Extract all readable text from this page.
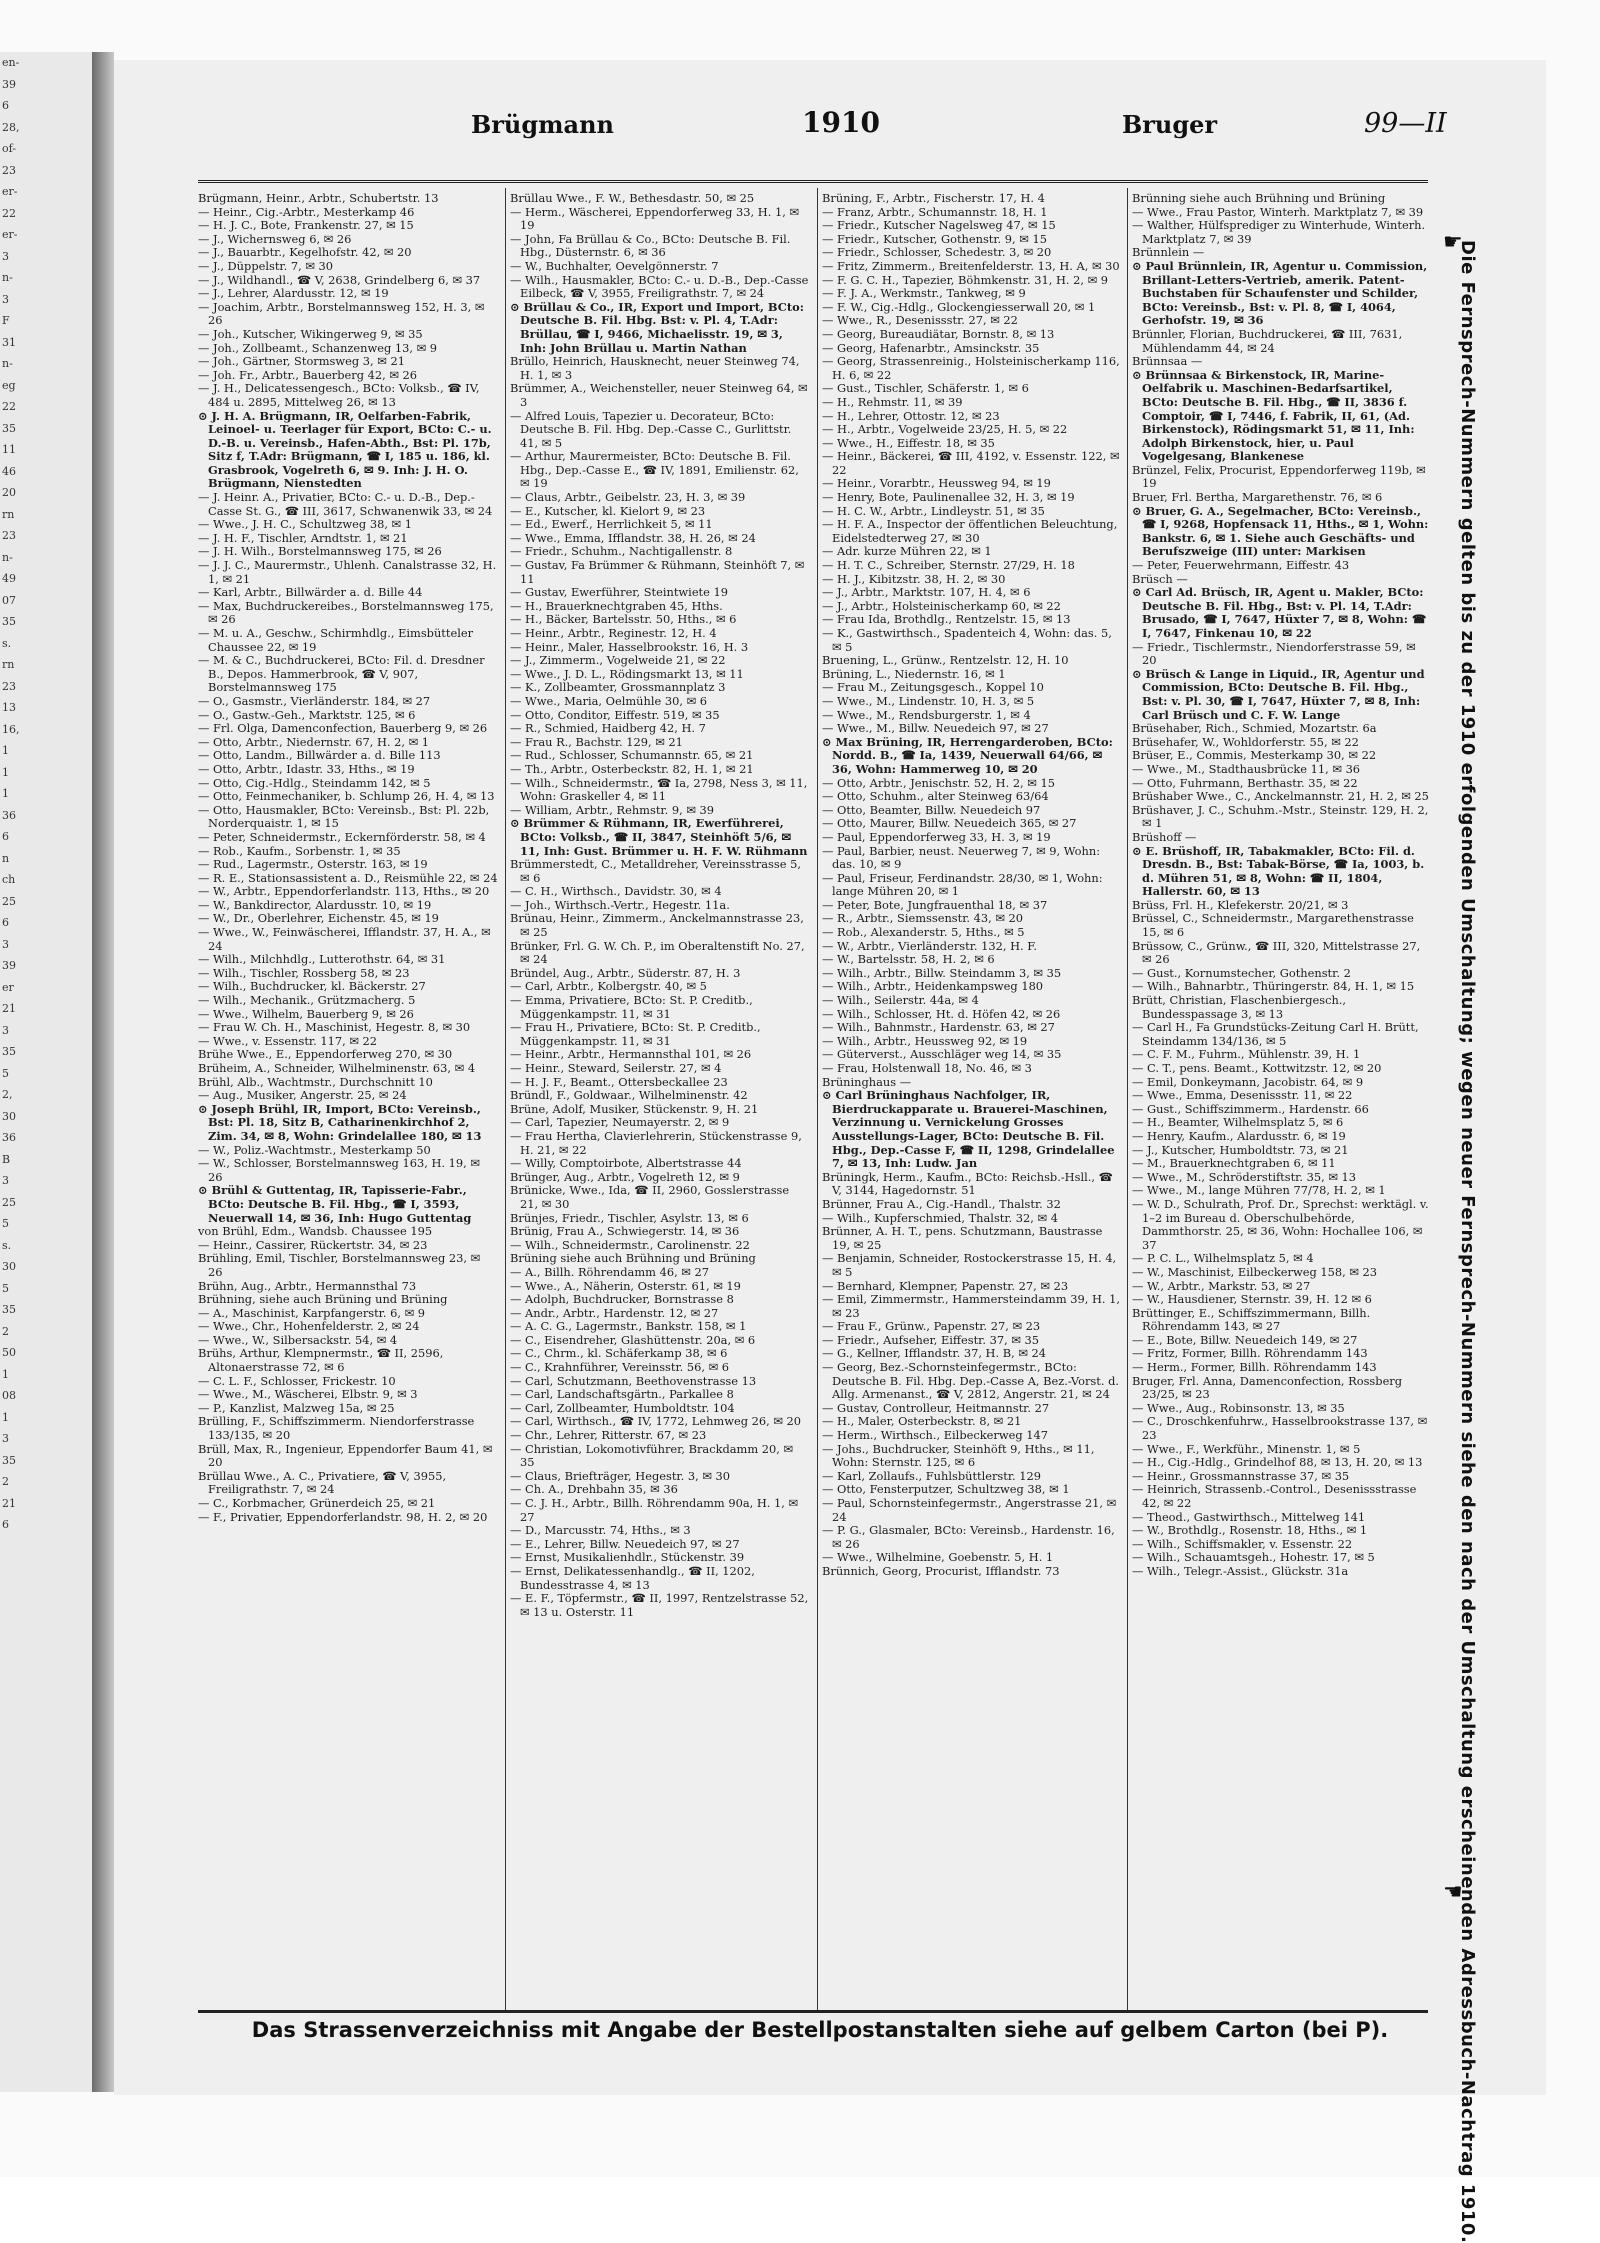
en-
39
6
28,
of-
23
er-
22
er-
3
n-
3
F
31
n-
eg
22
35
11
46
20
rn
23
n-
49
07
35
s.
rn
23
13
16,
1
1
1
36
6
n
ch
25
6
3
39
er
21
3
35
5
2,
30
36
B
3
25
5
s.
30
5
35
2
50
1
08
1
3
35
2
21
6
Brügmann	1910	Bruger	99—II

Brügmann, Heinr., Arbtr., Schubertstr. 13

— Heinr., Cig.-Arbtr., Mesterkamp 46

— H. J. C., Bote, Frankenstr. 27, ✉ 15

— J., Wichernsweg 6, ✉ 26

— J., Bauarbtr., Kegelhofstr. 42, ✉ 20

— J., Düppelstr. 7, ✉ 30

— J., Wildhandl., ☎ V, 2638, Grindelberg 6, ✉ 37

— J., Lehrer, Alardusstr. 12, ✉ 19

— Joachim, Arbtr., Borstelmannsweg 152, H. 3, ✉ 26

— Joh., Kutscher, Wikingerweg 9, ✉ 35

— Joh., Zollbeamt., Schanzenweg 13, ✉ 9

— Joh., Gärtner, Stormsweg 3, ✉ 21

— Joh. Fr., Arbtr., Bauerberg 42, ✉ 26

— J. H., Delicatessengesch., BCto: Volksb., ☎ IV, 484 u. 2895, Mittelweg 26, ✉ 13

⊙ J. H. A. Brügmann, IR, Oelfarben-Fabrik, Leinoel- u. Teerlager für Export, BCto: C.- u. D.-B. u. Vereinsb., Hafen-Abth., Bst: Pl. 17b, Sitz f, T.Adr: Brügmann, ☎ I, 185 u. 186, kl. Grasbrook, Vogelreth 6, ✉ 9. Inh: J. H. O. Brügmann, Nienstedten

— J. Heinr. A., Privatier, BCto: C.- u. D.-B., Dep.-Casse St. G., ☎ III, 3617, Schwanenwik 33, ✉ 24

— Wwe., J. H. C., Schultzweg 38, ✉ 1

— J. H. F., Tischler, Arndtstr. 1, ✉ 21

— J. H. Wilh., Borstelmannsweg 175, ✉ 26

— J. J. C., Maurermstr., Uhlenh. Canalstrasse 32, H. 1, ✉ 21

— Karl, Arbtr., Billwärder a. d. Bille 44

— Max, Buchdruckereibes., Borstelmannsweg 175, ✉ 26

— M. u. A., Geschw., Schirmhdlg., Eimsbütteler Chaussee 22, ✉ 19

— M. & C., Buchdruckerei, BCto: Fil. d. Dresdner B., Depos. Hammerbrook, ☎ V, 907, Borstelmannsweg 175

— O., Gasmstr., Vierländerstr. 184, ✉ 27

— O., Gastw.-Geh., Marktstr. 125, ✉ 6

— Frl. Olga, Damenconfection, Bauerberg 9, ✉ 26

— Otto, Arbtr., Niedernstr. 67, H. 2, ✉ 1

— Otto, Landm., Billwärder a. d. Bille 113

— Otto, Arbtr., Idastr. 33, Hths., ✉ 19

— Otto, Cig.-Hdlg., Steindamm 142, ✉ 5

— Otto, Feinmechaniker, b. Schlump 26, H. 4, ✉ 13

— Otto, Hausmakler, BCto: Vereinsb., Bst: Pl. 22b, Norderquaistr. 1, ✉ 15

— Peter, Schneidermstr., Eckernförderstr. 58, ✉ 4

— Rob., Kaufm., Sorbenstr. 1, ✉ 35

— Rud., Lagermstr., Osterstr. 163, ✉ 19

— R. E., Stationsassistent a. D., Reismühle 22, ✉ 24

— W., Arbtr., Eppendorferlandstr. 113, Hths., ✉ 20

— W., Bankdirector, Alardusstr. 10, ✉ 19

— W., Dr., Oberlehrer, Eichenstr. 45, ✉ 19

— Wwe., W., Feinwäscherei, Ifflandstr. 37, H. A., ✉ 24

— Wilh., Milchhdlg., Lutterothstr. 64, ✉ 31

— Wilh., Tischler, Rossberg 58, ✉ 23

— Wilh., Buchdrucker, kl. Bäckerstr. 27

— Wilh., Mechanik., Grützmacherg. 5

— Wwe., Wilhelm, Bauerberg 9, ✉ 26

— Frau W. Ch. H., Maschinist, Hegestr. 8, ✉ 30

— Wwe., v. Essenstr. 117, ✉ 22

Brühe Wwe., E., Eppendorferweg 270, ✉ 30

Brüheim, A., Schneider, Wilhelminenstr. 63, ✉ 4

Brühl, Alb., Wachtmstr., Durchschnitt 10

— Aug., Musiker, Angerstr. 25, ✉ 24

⊙ Joseph Brühl, IR, Import, BCto: Vereinsb., Bst: Pl. 18, Sitz B, Catharinenkirchhof 2, Zim. 34, ✉ 8, Wohn: Grindelallee 180, ✉ 13

— W., Poliz.-Wachtmstr., Mesterkamp 50

— W., Schlosser, Borstelmannsweg 163, H. 19, ✉ 26

⊙ Brühl & Guttentag, IR, Tapisserie-Fabr., BCto: Deutsche B. Fil. Hbg., ☎ I, 3593, Neuerwall 14, ✉ 36, Inh: Hugo Guttentag

von Brühl, Edm., Wandsb. Chaussee 195

— Heinr., Cassirer, Rückertstr. 34, ✉ 23

Brühling, Emil, Tischler, Borstelmannsweg 23, ✉ 26

Brühn, Aug., Arbtr., Hermannsthal 73

Brühning, siehe auch Brüning und Brüning

— A., Maschinist, Karpfangerstr. 6, ✉ 9

— Wwe., Chr., Hohenfelderstr. 2, ✉ 24

— Wwe., W., Silbersackstr. 54, ✉ 4

Brühs, Arthur, Klempnermstr., ☎ II, 2596, Altonaerstrasse 72, ✉ 6

— C. L. F., Schlosser, Frickestr. 10

— Wwe., M., Wäscherei, Elbstr. 9, ✉ 3

— P., Kanzlist, Malzweg 15a, ✉ 25

Brülling, F., Schiffszimmerm. Niendorferstrasse 133/135, ✉ 20

Brüll, Max, R., Ingenieur, Eppendorfer Baum 41, ✉ 20

Brüllau Wwe., A. C., Privatiere, ☎ V, 3955, Freiligrathstr. 7, ✉ 24

— C., Korbmacher, Grünerdeich 25, ✉ 21

— F., Privatier, Eppendorferlandstr. 98, H. 2, ✉ 20

Brüllau Wwe., F. W., Bethesdastr. 50, ✉ 25

— Herm., Wäscherei, Eppendorferweg 33, H. 1, ✉ 19

— John, Fa Brüllau & Co., BCto: Deutsche B. Fil. Hbg., Düsternstr. 6, ✉ 36

— W., Buchhalter, Oevelgönnerstr. 7

— Wilh., Hausmakler, BCto: C.- u. D.-B., Dep.-Casse Eilbeck, ☎ V, 3955, Freiligrathstr. 7, ✉ 24

⊙ Brüllau & Co., IR, Export und Import, BCto: Deutsche B. Fil. Hbg. Bst: v. Pl. 4, T.Adr: Brüllau, ☎ I, 9466, Michaelisstr. 19, ✉ 3, Inh: John Brüllau u. Martin Nathan

Brüllo, Heinrich, Hausknecht, neuer Steinweg 74, H. 1, ✉ 3

Brümmer, A., Weichensteller, neuer Steinweg 64, ✉ 3

— Alfred Louis, Tapezier u. Decorateur, BCto: Deutsche B. Fil. Hbg. Dep.-Casse C., Gurlittstr. 41, ✉ 5

— Arthur, Maurermeister, BCto: Deutsche B. Fil. Hbg., Dep.-Casse E., ☎ IV, 1891, Emilienstr. 62, ✉ 19

— Claus, Arbtr., Geibelstr. 23, H. 3, ✉ 39

— E., Kutscher, kl. Kielort 9, ✉ 23

— Ed., Ewerf., Herrlichkeit 5, ✉ 11

— Wwe., Emma, Ifflandstr. 38, H. 26, ✉ 24

— Friedr., Schuhm., Nachtigallenstr. 8

— Gustav, Fa Brümmer & Rühmann, Steinhöft 7, ✉ 11

— Gustav, Ewerführer, Steintwiete 19

— H., Brauerknechtgraben 45, Hths.

— H., Bäcker, Bartelsstr. 50, Hths., ✉ 6

— Heinr., Arbtr., Reginestr. 12, H. 4

— Heinr., Maler, Hasselbrookstr. 16, H. 3

— J., Zimmerm., Vogelweide 21, ✉ 22

— Wwe., J. D. L., Rödingsmarkt 13, ✉ 11

— K., Zollbeamter, Grossmannplatz 3

— Wwe., Maria, Oelmühle 30, ✉ 6

— Otto, Conditor, Eiffestr. 519, ✉ 35

— R., Schmied, Haidberg 42, H. 7

— Frau R., Bachstr. 129, ✉ 21

— Rud., Schlosser, Schumannstr. 65, ✉ 21

— Th., Arbtr., Osterbeckstr. 82, H. 1, ✉ 21

— Wilh., Schneidermstr., ☎ Ia, 2798, Ness 3, ✉ 11, Wohn: Graskeller 4, ✉ 11

— William, Arbtr., Rehmstr. 9, ✉ 39

⊙ Brümmer & Rühmann, IR, Ewerführerei, BCto: Volksb., ☎ II, 3847, Steinhöft 5/6, ✉ 11, Inh: Gust. Brümmer u. H. F. W. Rühmann

Brümmerstedt, C., Metalldreher, Vereinsstrasse 5, ✉ 6

— C. H., Wirthsch., Davidstr. 30, ✉ 4

— Joh., Wirthsch.-Vertr., Hegestr. 11a.

Brünau, Heinr., Zimmerm., Anckelmannstrasse 23, ✉ 25

Brünker, Frl. G. W. Ch. P., im Oberaltenstift No. 27, ✉ 24

Bründel, Aug., Arbtr., Süderstr. 87, H. 3

— Carl, Arbtr., Kolbergstr. 40, ✉ 5

— Emma, Privatiere, BCto: St. P. Creditb., Müggenkampstr. 11, ✉ 31

— Frau H., Privatiere, BCto: St. P. Creditb., Müggenkampstr. 11, ✉ 31

— Heinr., Arbtr., Hermannsthal 101, ✉ 26

— Heinr., Steward, Seilerstr. 27, ✉ 4

— H. J. F., Beamt., Ottersbeckallee 23

Bründl, F., Goldwaar., Wilhelminenstr. 42

Brüne, Adolf, Musiker, Stückenstr. 9, H. 21

— Carl, Tapezier, Neumayerstr. 2, ✉ 9

— Frau Hertha, Clavierlehrerin, Stückenstrasse 9, H. 21, ✉ 22

— Willy, Comptoirbote, Albertstrasse 44

Brünger, Aug., Arbtr., Vogelreth 12, ✉ 9

Brünicke, Wwe., Ida, ☎ II, 2960, Gosslerstrasse 21, ✉ 30

Brünjes, Friedr., Tischler, Asylstr. 13, ✉ 6

Brünig, Frau A., Schwiegerstr. 14, ✉ 36

— Wilh., Schneidermstr., Carolinenstr. 22

Brüning siehe auch Brühning und Brüning

— A., Billh. Röhrendamm 46, ✉ 27

— Wwe., A., Näherin, Osterstr. 61, ✉ 19

— Adolph, Buchdrucker, Bornstrasse 8

— Andr., Arbtr., Hardenstr. 12, ✉ 27

— A. C. G., Lagermstr., Bankstr. 158, ✉ 1

— C., Eisendreher, Glashüttenstr. 20a, ✉ 6

— C., Chrm., kl. Schäferkamp 38, ✉ 6

— C., Krahnführer, Vereinsstr. 56, ✉ 6

— Carl, Schutzmann, Beethovenstrasse 13

— Carl, Landschaftsgärtn., Parkallee 8

— Carl, Zollbeamter, Humboldtstr. 104

— Carl, Wirthsch., ☎ IV, 1772, Lehmweg 26, ✉ 20

— Chr., Lehrer, Ritterstr. 67, ✉ 23

— Christian, Lokomotivführer, Brackdamm 20, ✉ 35

— Claus, Briefträger, Hegestr. 3, ✉ 30

— Ch. A., Drehbahn 35, ✉ 36

— C. J. H., Arbtr., Billh. Röhrendamm 90a, H. 1, ✉ 27

— D., Marcusstr. 74, Hths., ✉ 3

— E., Lehrer, Billw. Neuedeich 97, ✉ 27

— Ernst, Musikalienhdlr., Stückenstr. 39

— Ernst, Delikatessenhandlg., ☎ II, 1202, Bundesstrasse 4, ✉ 13

— E. F., Töpfermstr., ☎ II, 1997, Rentzelstrasse 52, ✉ 13 u. Osterstr. 11

Brüning, F., Arbtr., Fischerstr. 17, H. 4

— Franz, Arbtr., Schumannstr. 18, H. 1

— Friedr., Kutscher Nagelsweg 47, ✉ 15

— Friedr., Kutscher, Gothenstr. 9, ✉ 15

— Friedr., Schlosser, Schedestr. 3, ✉ 20

— Fritz, Zimmerm., Breitenfelderstr. 13, H. A, ✉ 30

— F. G. C. H., Tapezier, Böhmkenstr. 31, H. 2, ✉ 9

— F. J. A., Werkmstr., Tankweg, ✉ 9

— F. W., Cig.-Hdlg., Glockengiesserwall 20, ✉ 1

— Wwe., R., Desenissstr. 27, ✉ 22

— Georg, Bureaudiätar, Bornstr. 8, ✉ 13

— Georg, Hafenarbtr., Amsinckstr. 35

— Georg, Strassenreinig., Holsteinischerkamp 116, H. 6, ✉ 22

— Gust., Tischler, Schäferstr. 1, ✉ 6

— H., Rehmstr. 11, ✉ 39

— H., Lehrer, Ottostr. 12, ✉ 23

— H., Arbtr., Vogelweide 23/25, H. 5, ✉ 22

— Wwe., H., Eiffestr. 18, ✉ 35

— Heinr., Bäckerei, ☎ III, 4192, v. Essenstr. 122, ✉ 22

— Heinr., Vorarbtr., Heussweg 94, ✉ 19

— Henry, Bote, Paulinenallee 32, H. 3, ✉ 19

— H. C. W., Arbtr., Lindleystr. 51, ✉ 35

— H. F. A., Inspector der öffentlichen Beleuchtung, Eidelstedterweg 27, ✉ 30

— Adr. kurze Mühren 22, ✉ 1

— H. T. C., Schreiber, Sternstr. 27/29, H. 18

— H. J., Kibitzstr. 38, H. 2, ✉ 30

— J., Arbtr., Marktstr. 107, H. 4, ✉ 6

— J., Arbtr., Holsteinischerkamp 60, ✉ 22

— Frau Ida, Brothdlg., Rentzelstr. 15, ✉ 13

— K., Gastwirthsch., Spadenteich 4, Wohn: das. 5, ✉ 5

Bruening, L., Grünw., Rentzelstr. 12, H. 10

Brüning, L., Niedernstr. 16, ✉ 1

— Frau M., Zeitungsgesch., Koppel 10

— Wwe., M., Lindenstr. 10, H. 3, ✉ 5

— Wwe., M., Rendsburgerstr. 1, ✉ 4

— Wwe., M., Billw. Neuedeich 97, ✉ 27

⊙ Max Brüning, IR, Herrengarderoben, BCto: Nordd. B., ☎ Ia, 1439, Neuerwall 64/66, ✉ 36, Wohn: Hammerweg 10, ✉ 20

— Otto, Arbtr., Jenischstr. 52, H. 2, ✉ 15

— Otto, Schuhm., alter Steinweg 63/64

— Otto, Beamter, Billw. Neuedeich 97

— Otto, Maurer, Billw. Neuedeich 365, ✉ 27

— Paul, Eppendorferweg 33, H. 3, ✉ 19

— Paul, Barbier, neust. Neuerweg 7, ✉ 9, Wohn: das. 10, ✉ 9

— Paul, Friseur, Ferdinandstr. 28/30, ✉ 1, Wohn: lange Mühren 20, ✉ 1

— Peter, Bote, Jungfrauenthal 18, ✉ 37

— R., Arbtr., Siemssenstr. 43, ✉ 20

— Rob., Alexanderstr. 5, Hths., ✉ 5

— W., Arbtr., Vierländerstr. 132, H. F.

— W., Bartelsstr. 58, H. 2, ✉ 6

— Wilh., Arbtr., Billw. Steindamm 3, ✉ 35

— Wilh., Arbtr., Heidenkampsweg 180

— Wilh., Seilerstr. 44a, ✉ 4

— Wilh., Schlosser, Ht. d. Höfen 42, ✉ 26

— Wilh., Bahnmstr., Hardenstr. 63, ✉ 27

— Wilh., Arbtr., Heussweg 92, ✉ 19

— Güterverst., Ausschläger weg 14, ✉ 35

— Frau, Holstenwall 18, No. 46, ✉ 3

Brüninghaus —

⊙ Carl Brüninghaus Nachfolger, IR, Bierdruckapparate u. Brauerei-Maschinen, Verzinnung u. Vernickelung Grosses Ausstellungs-Lager, BCto: Deutsche B. Fil. Hbg., Dep.-Casse F, ☎ II, 1298, Grindelallee 7, ✉ 13, Inh: Ludw. Jan

Brüningk, Herm., Kaufm., BCto: Reichsb.-Hsll., ☎ V, 3144, Hagedornstr. 51

Brünner, Frau A., Cig.-Handl., Thalstr. 32

— Wilh., Kupferschmied, Thalstr. 32, ✉ 4

Brünner, A. H. T., pens. Schutzmann, Baustrasse 19, ✉ 25

— Benjamin, Schneider, Rostockerstrasse 15, H. 4, ✉ 5

— Bernhard, Klempner, Papenstr. 27, ✉ 23

— Emil, Zimmermstr., Hammersteindamm 39, H. 1, ✉ 23

— Frau F., Grünw., Papenstr. 27, ✉ 23

— Friedr., Aufseher, Eiffestr. 37, ✉ 35

— G., Kellner, Ifflandstr. 37, H. B, ✉ 24

— Georg, Bez.-Schornsteinfegermstr., BCto: Deutsche B. Fil. Hbg. Dep.-Casse A, Bez.-Vorst. d. Allg. Armenanst., ☎ V, 2812, Angerstr. 21, ✉ 24

— Gustav, Controlleur, Heitmannstr. 27

— H., Maler, Osterbeckstr. 8, ✉ 21

— Herm., Wirthsch., Eilbeckerweg 147

— Johs., Buchdrucker, Steinhöft 9, Hths., ✉ 11, Wohn: Sternstr. 125, ✉ 6

— Karl, Zollaufs., Fuhlsbüttlerstr. 129

— Otto, Fensterputzer, Schultzweg 38, ✉ 1

— Paul, Schornsteinfegermstr., Angerstrasse 21, ✉ 24

— P. G., Glasmaler, BCto: Vereinsb., Hardenstr. 16, ✉ 26

— Wwe., Wilhelmine, Goebenstr. 5, H. 1

Brünnich, Georg, Procurist, Ifflandstr. 73

Brünning siehe auch Brühning und Brüning

— Wwe., Frau Pastor, Winterh. Marktplatz 7, ✉ 39

— Walther, Hülfsprediger zu Winterhude, Winterh. Marktplatz 7, ✉ 39

Brünnlein —

⊙ Paul Brünnlein, IR, Agentur u. Commission, Brillant-Letters-Vertrieb, amerik. Patent-Buchstaben für Schaufenster und Schilder, BCto: Vereinsb., Bst: v. Pl. 8, ☎ I, 4064, Gerhofstr. 19, ✉ 36

Brünnler, Florian, Buchdruckerei, ☎ III, 7631, Mühlendamm 44, ✉ 24

Brünnsaa —

⊙ Brünnsaa & Birkenstock, IR, Marine-Oelfabrik u. Maschinen-Bedarfsartikel, BCto: Deutsche B. Fil. Hbg., ☎ II, 3836 f. Comptoir, ☎ I, 7446, f. Fabrik, II, 61, (Ad. Birkenstock), Rödingsmarkt 51, ✉ 11, Inh: Adolph Birkenstock, hier, u. Paul Vogelgesang, Blankenese

Brünzel, Felix, Procurist, Eppendorferweg 119b, ✉ 19

Bruer, Frl. Bertha, Margarethenstr. 76, ✉ 6

⊙ Bruer, G. A., Segelmacher, BCto: Vereinsb., ☎ I, 9268, Hopfensack 11, Hths., ✉ 1, Wohn: Bankstr. 6, ✉ 1. Siehe auch Geschäfts- und Berufszweige (III) unter: Markisen

— Peter, Feuerwehrmann, Eiffestr. 43

Brüsch —

⊙ Carl Ad. Brüsch, IR, Agent u. Makler, BCto: Deutsche B. Fil. Hbg., Bst: v. Pl. 14, T.Adr: Brusado, ☎ I, 7647, Hüxter 7, ✉ 8, Wohn: ☎ I, 7647, Finkenau 10, ✉ 22

— Friedr., Tischlermstr., Niendorferstrasse 59, ✉ 20

⊙ Brüsch & Lange in Liquid., IR, Agentur und Commission, BCto: Deutsche B. Fil. Hbg., Bst: v. Pl. 30, ☎ I, 7647, Hüxter 7, ✉ 8, Inh: Carl Brüsch und C. F. W. Lange

Brüsehaber, Rich., Schmied, Mozartstr. 6a

Brüsehafer, W., Wohldorferstr. 55, ✉ 22

Brüser, E., Commis, Mesterkamp 30, ✉ 22

— Wwe., M., Stadthausbrücke 11, ✉ 36

— Otto, Fuhrmann, Berthastr. 35, ✉ 22

Brüshaber Wwe., C., Anckelmannstr. 21, H. 2, ✉ 25

Brüshaver, J. C., Schuhm.-Mstr., Steinstr. 129, H. 2, ✉ 1

Brüshoff —

⊙ E. Brüshoff, IR, Tabakmakler, BCto: Fil. d. Dresdn. B., Bst: Tabak-Börse, ☎ Ia, 1003, b. d. Mühren 51, ✉ 8, Wohn: ☎ II, 1804, Hallerstr. 60, ✉ 13

Brüss, Frl. H., Klefekerstr. 20/21, ✉ 3

Brüssel, C., Schneidermstr., Margarethenstrasse 15, ✉ 6

Brüssow, C., Grünw., ☎ III, 320, Mittelstrasse 27, ✉ 26

— Gust., Kornumstecher, Gothenstr. 2

— Wilh., Bahnarbtr., Thüringerstr. 84, H. 1, ✉ 15

Brütt, Christian, Flaschenbiergesch., Bundesspassage 3, ✉ 13

— Carl H., Fa Grundstücks-Zeitung Carl H. Brütt, Steindamm 134/136, ✉ 5

— C. F. M., Fuhrm., Mühlenstr. 39, H. 1

— C. T., pens. Beamt., Kottwitzstr. 12, ✉ 20

— Emil, Donkeymann, Jacobistr. 64, ✉ 9

— Wwe., Emma, Desenissstr. 11, ✉ 22

— Gust., Schiffszimmerm., Hardenstr. 66

— H., Beamter, Wilhelmsplatz 5, ✉ 6

— Henry, Kaufm., Alardusstr. 6, ✉ 19

— J., Kutscher, Humboldtstr. 73, ✉ 21

— M., Brauerknechtgraben 6, ✉ 11

— Wwe., M., Schröderstiftstr. 35, ✉ 13

— Wwe., M., lange Mühren 77/78, H. 2, ✉ 1

— W. D., Schulrath, Prof. Dr., Sprechst: werktägl. v. 1–2 im Bureau d. Oberschulbehörde, Dammthorstr. 25, ✉ 36, Wohn: Hochallee 106, ✉ 37

— P. C. L., Wilhelmsplatz 5, ✉ 4

— W., Maschinist, Eilbeckerweg 158, ✉ 23

— W., Arbtr., Markstr. 53, ✉ 27

— W., Hausdiener, Sternstr. 39, H. 12 ✉ 6

Brüttinger, E., Schiffszimmermann, Billh. Röhrendamm 143, ✉ 27

— E., Bote, Billw. Neuedeich 149, ✉ 27

— Fritz, Former, Billh. Röhrendamm 143

— Herm., Former, Billh. Röhrendamm 143

Bruger, Frl. Anna, Damenconfection, Rossberg 23/25, ✉ 23

— Wwe., Aug., Robinsonstr. 13, ✉ 35

— C., Droschkenfuhrw., Hasselbrookstrasse 137, ✉ 23

— Wwe., F., Werkführ., Minenstr. 1, ✉ 5

— H., Cig.-Hdlg., Grindelhof 88, ✉ 13, H. 20, ✉ 13

— Heinr., Grossmannstrasse 37, ✉ 35

— Heinrich, Strassenb.-Control., Desenissstrasse 42, ✉ 22

— Theod., Gastwirthsch., Mittelweg 141

— W., Brothdlg., Rosenstr. 18, Hths., ✉ 1

— Wilh., Schiffsmakler, v. Essenstr. 22

— Wilh., Schauamtsgeh., Hohestr. 17, ✉ 5

— Wilh., Telegr.-Assist., Glückstr. 31a

☛
Die Fernsprech-Nummern gelten bis zu der 1910 erfolgenden Umschaltung; wegen neuer Fernsprech-Nummern siehe den nach der Umschaltung erscheinenden Adressbuch-Nachtrag 1910.
☚
Das Strassenverzeichniss mit Angabe der Bestellpostanstalten siehe auf gelbem Carton (bei P).
